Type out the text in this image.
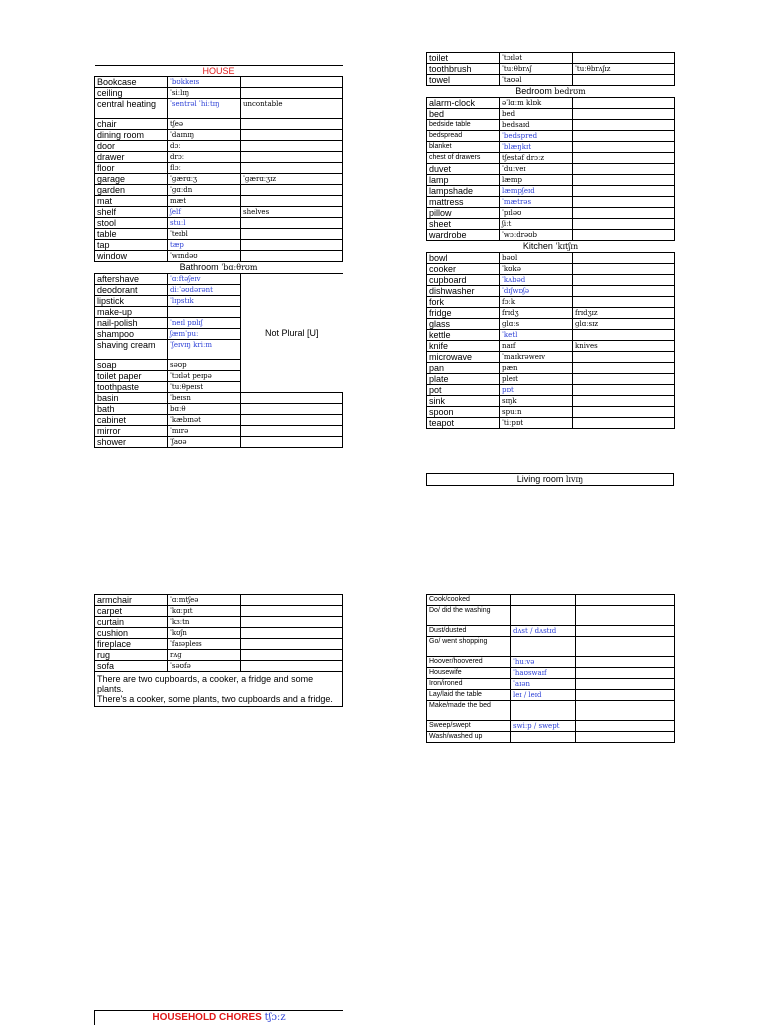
HOUSE		
Bookcase	ˈbʊkkeɪs	
ceiling	ˈsiːlɪŋ	
central heating	ˈsentrəl ˈhiːtɪŋ	uncontable
chair	tʃeə	
dining room	ˈdaɪnɪŋ	
door	dɔː	
drawer	drɔː	
floor	flɔː	
garage	ˈɡærɑːʒ	ˈɡærɑːʒɪz
garden	ˈɡɑːdn	
mat	mæt	
shelf	ʃelf	shelves
stool	stuːl	
table	ˈteɪbl	
tap	tæp	
window	ˈwɪndəʊ	
Bathroom ˈbɑːθrʊm		
aftershave	ˈɑːftəʃeɪv	Not Plural [U]
deodorant	diːˈəʊdərənt	
lipstick	ˈlɪpstɪk	
make-up		
nail-polish	ˈneɪl pɒlɪʃ	
shampoo	ʃæmˈpuː	
shaving cream	ˈʃeɪvɪŋ kriːm	
soap	səʊp	
toilet paper	ˈtɔɪlət peɪpə	
toothpaste	ˈtuːθpeɪst	
basin	ˈbeɪsn	
bath	bɑːθ	
cabinet	ˈkæbɪnət	
mirror	ˈmɪrə	
shower	ˈʃaʊə	
toilet	ˈtɔɪlət	
toothbrush	ˈtuːθbrʌʃ	ˈtuːθbrʌʃɪz
towel	ˈtaʊəl	
Bedroom bedrʊm		
alarm-clock	əˈlɑːm klɒk	
bed	bed	
bedside table	bedsaɪd	
bedspread	ˈbedspred	
blanket	ˈblæŋkɪt	
chest of drawers	tʃestəf drɔːz	
duvet	ˈduːveɪ	
lamp	læmp	
lampshade	læmpʃeɪd	
mattress	ˈmætrəs	
pillow	ˈpɪləʊ	
sheet	ʃiːt	
wardrobe	ˈwɔːdrəʊb	
Kitchen ˈkɪtʃɪn		
bowl	bəʊl	
cooker	ˈkʊkə	
cupboard	ˈkʌbəd	
dishwasher	ˈdɪʃwɒʃə	
fork	fɔːk	
fridge	frɪdʒ	frɪdʒɪz
glass	ɡlɑːs	ɡlɑːsɪz
kettle	ˈketl	
knife	naɪf	knives
microwave	ˈmaɪkrəweɪv	
pan	pæn	
plate	pleɪt	
pot	pɒt	
sink	sɪŋk	
spoon	spuːn	
teapot	ˈtiːpɒt	
Living room lɪvɪŋ
armchair	ˈɑːmtʃeə	
carpet	ˈkɑːpɪt	
curtain	ˈkɜːtn	
cushion	ˈkʊʃn	
fireplace	ˈfaɪəpleɪs	
rug	rʌɡ	
sofa	ˈsəʊfə	

There are two cupboards, a cooker, a fridge and some plants.
There's a cooker, some plants, two cupboards and a fridge.		
Cook/cooked		
Do/ did the washing		
Dust/dusted	dʌst / dʌstɪd	
Go/ went shopping		
Hoover/hoovered	ˈhuːvə	
Housewife	ˈhaʊswaɪf	
Iron/ironed	ˈaɪən	
Lay/laid the table	leɪ / leɪd	
Make/made the bed		
Sweep/swept	swiːp / swept	
Wash/washed up		
HOUSEHOLD CHORES tʃɔːz
